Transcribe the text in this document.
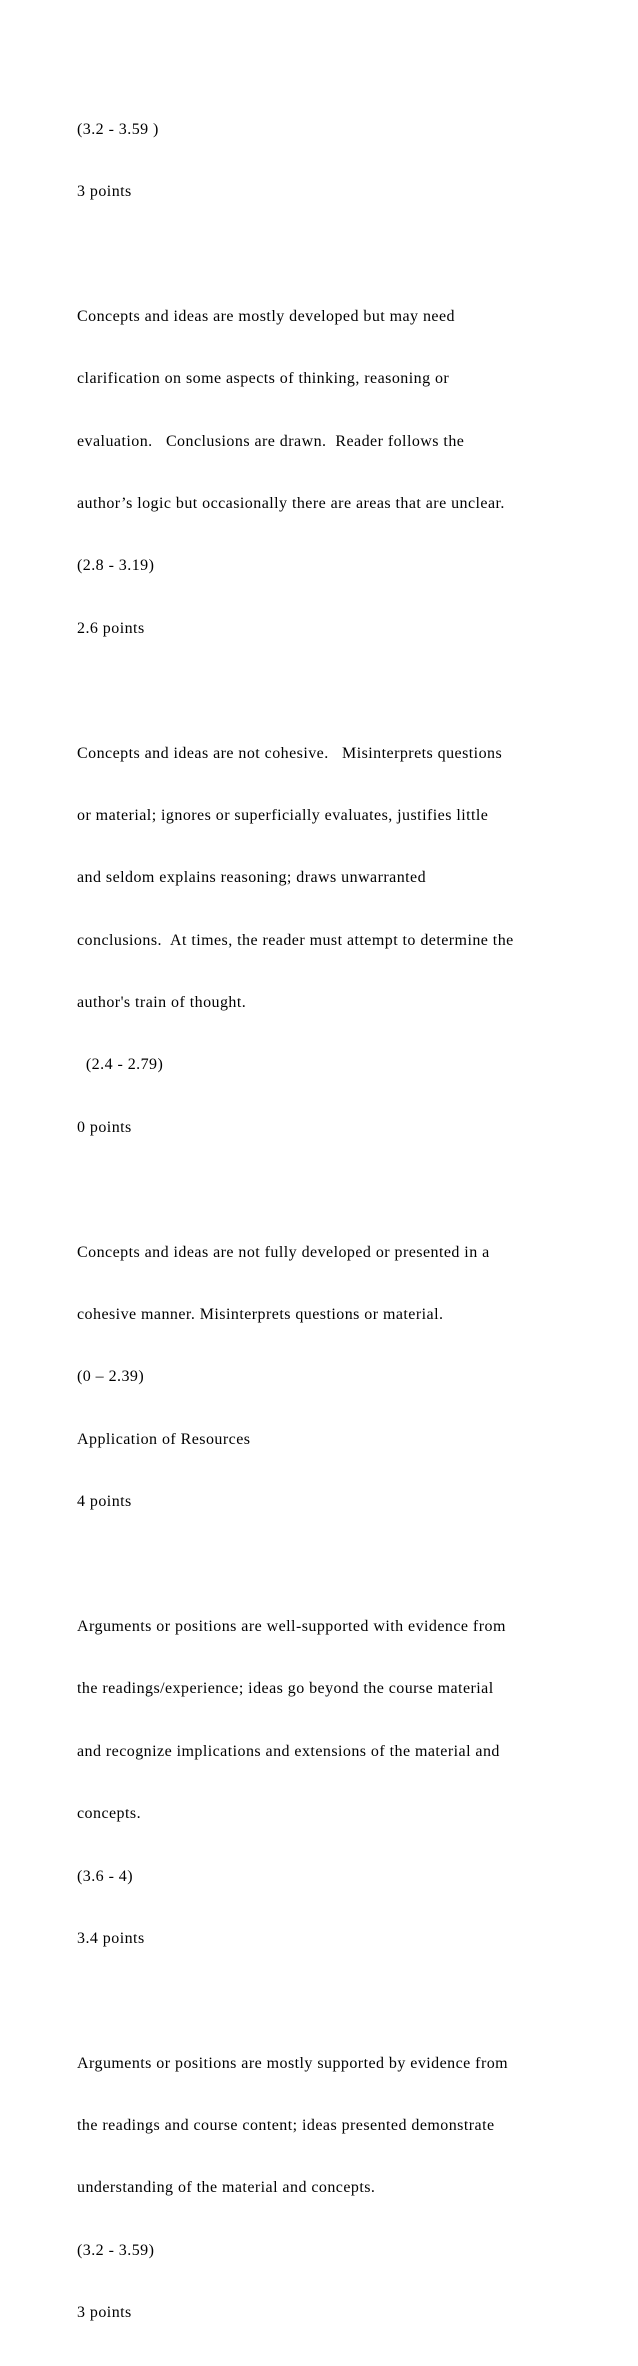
(3.2 - 3.59 )

3 points

Concepts and ideas are mostly developed but may need

clarification on some aspects of thinking, reasoning or

evaluation.   Conclusions are drawn.  Reader follows the

author’s logic but occasionally there are areas that are unclear.

(2.8 - 3.19)

2.6 points

Concepts and ideas are not cohesive.   Misinterprets questions

or material; ignores or superficially evaluates, justifies little

and seldom explains reasoning; draws unwarranted

conclusions.  At times, the reader must attempt to determine the

author's train of thought.

(2.4 - 2.79)

0 points

Concepts and ideas are not fully developed or presented in a

cohesive manner. Misinterprets questions or material.

(0 – 2.39)

Application of Resources

4 points

Arguments or positions are well-supported with evidence from

the readings/experience; ideas go beyond the course material

and recognize implications and extensions of the material and

concepts.

(3.6 - 4)

3.4 points

Arguments or positions are mostly supported by evidence from

the readings and course content; ideas presented demonstrate

understanding of the material and concepts.

(3.2 - 3.59)

3 points
